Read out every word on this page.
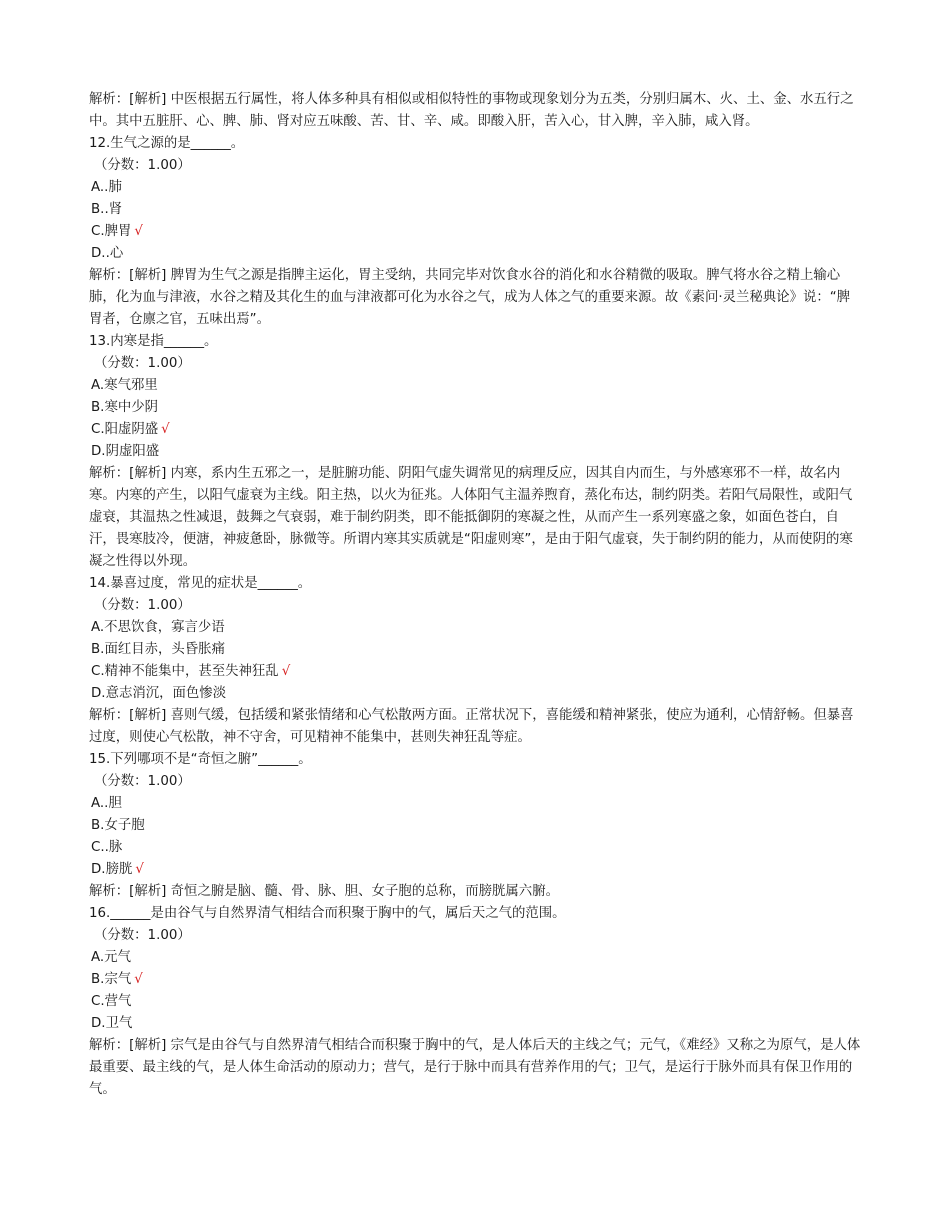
解析：[解析] 中医根据五行属性，将人体多种具有相似或相似特性的事物或现象划分为五类，分别归属木、火、土、金、水五行之中。其中五脏肝、心、脾、肺、肾对应五味酸、苦、甘、辛、咸。即酸入肝，苦入心，甘入脾，辛入肺，咸入肾。

12.生气之源的是______。

（分数：1.00）

A..肺

B..肾

C.脾胃 √

D..心

解析：[解析] 脾胃为生气之源是指脾主运化，胃主受纳，共同完毕对饮食水谷的消化和水谷精微的吸取。脾气将水谷之精上输心肺，化为血与津液，水谷之精及其化生的血与津液都可化为水谷之气，成为人体之气的重要来源。故《素问·灵兰秘典论》说：“脾胃者，仓廪之官，五味出焉”。

13.内寒是指______。

（分数：1.00）

A.寒气邪里

B.寒中少阴

C.阳虚阴盛 √

D.阴虚阳盛

解析：[解析] 内寒，系内生五邪之一，是脏腑功能、阴阳气虚失调常见的病理反应，因其自内而生，与外感寒邪不一样，故名内寒。内寒的产生，以阳气虚衰为主线。阳主热，以火为征兆。人体阳气主温养煦育，蒸化布达，制约阴类。若阳气局限性，或阳气虚衰，其温热之性减退，鼓舞之气衰弱，难于制约阴类，即不能抵御阴的寒凝之性，从而产生一系列寒盛之象，如面色苍白，自汗，畏寒肢冷，便溏，神疲惫卧，脉微等。所谓内寒其实质就是“阳虚则寒”，是由于阳气虚衰，失于制约阴的能力，从而使阴的寒凝之性得以外现。

14.暴喜过度，常见的症状是______。

（分数：1.00）

A.不思饮食，寡言少语

B.面红目赤，头昏胀痛

C.精神不能集中，甚至失神狂乱 √

D.意志消沉，面色惨淡

解析：[解析] 喜则气缓，包括缓和紧张情绪和心气松散两方面。正常状况下，喜能缓和精神紧张，使应为通利，心情舒畅。但暴喜过度，则使心气松散，神不守舍，可见精神不能集中，甚则失神狂乱等症。

15.下列哪项不是“奇恒之腑”______。

（分数：1.00）

A..胆

B.女子胞

C..脉

D.膀胱 √

解析：[解析] 奇恒之腑是脑、髓、骨、脉、胆、女子胞的总称，而膀胱属六腑。

16.______是由谷气与自然界清气相结合而积聚于胸中的气，属后天之气的范围。

（分数：1.00）

A.元气

B.宗气 √

C.营气

D.卫气

解析：[解析] 宗气是由谷气与自然界清气相结合而积聚于胸中的气，是人体后天的主线之气；元气，《难经》又称之为原气，是人体最重要、最主线的气，是人体生命活动的原动力；营气，是行于脉中而具有营养作用的气；卫气，是运行于脉外而具有保卫作用的气。
